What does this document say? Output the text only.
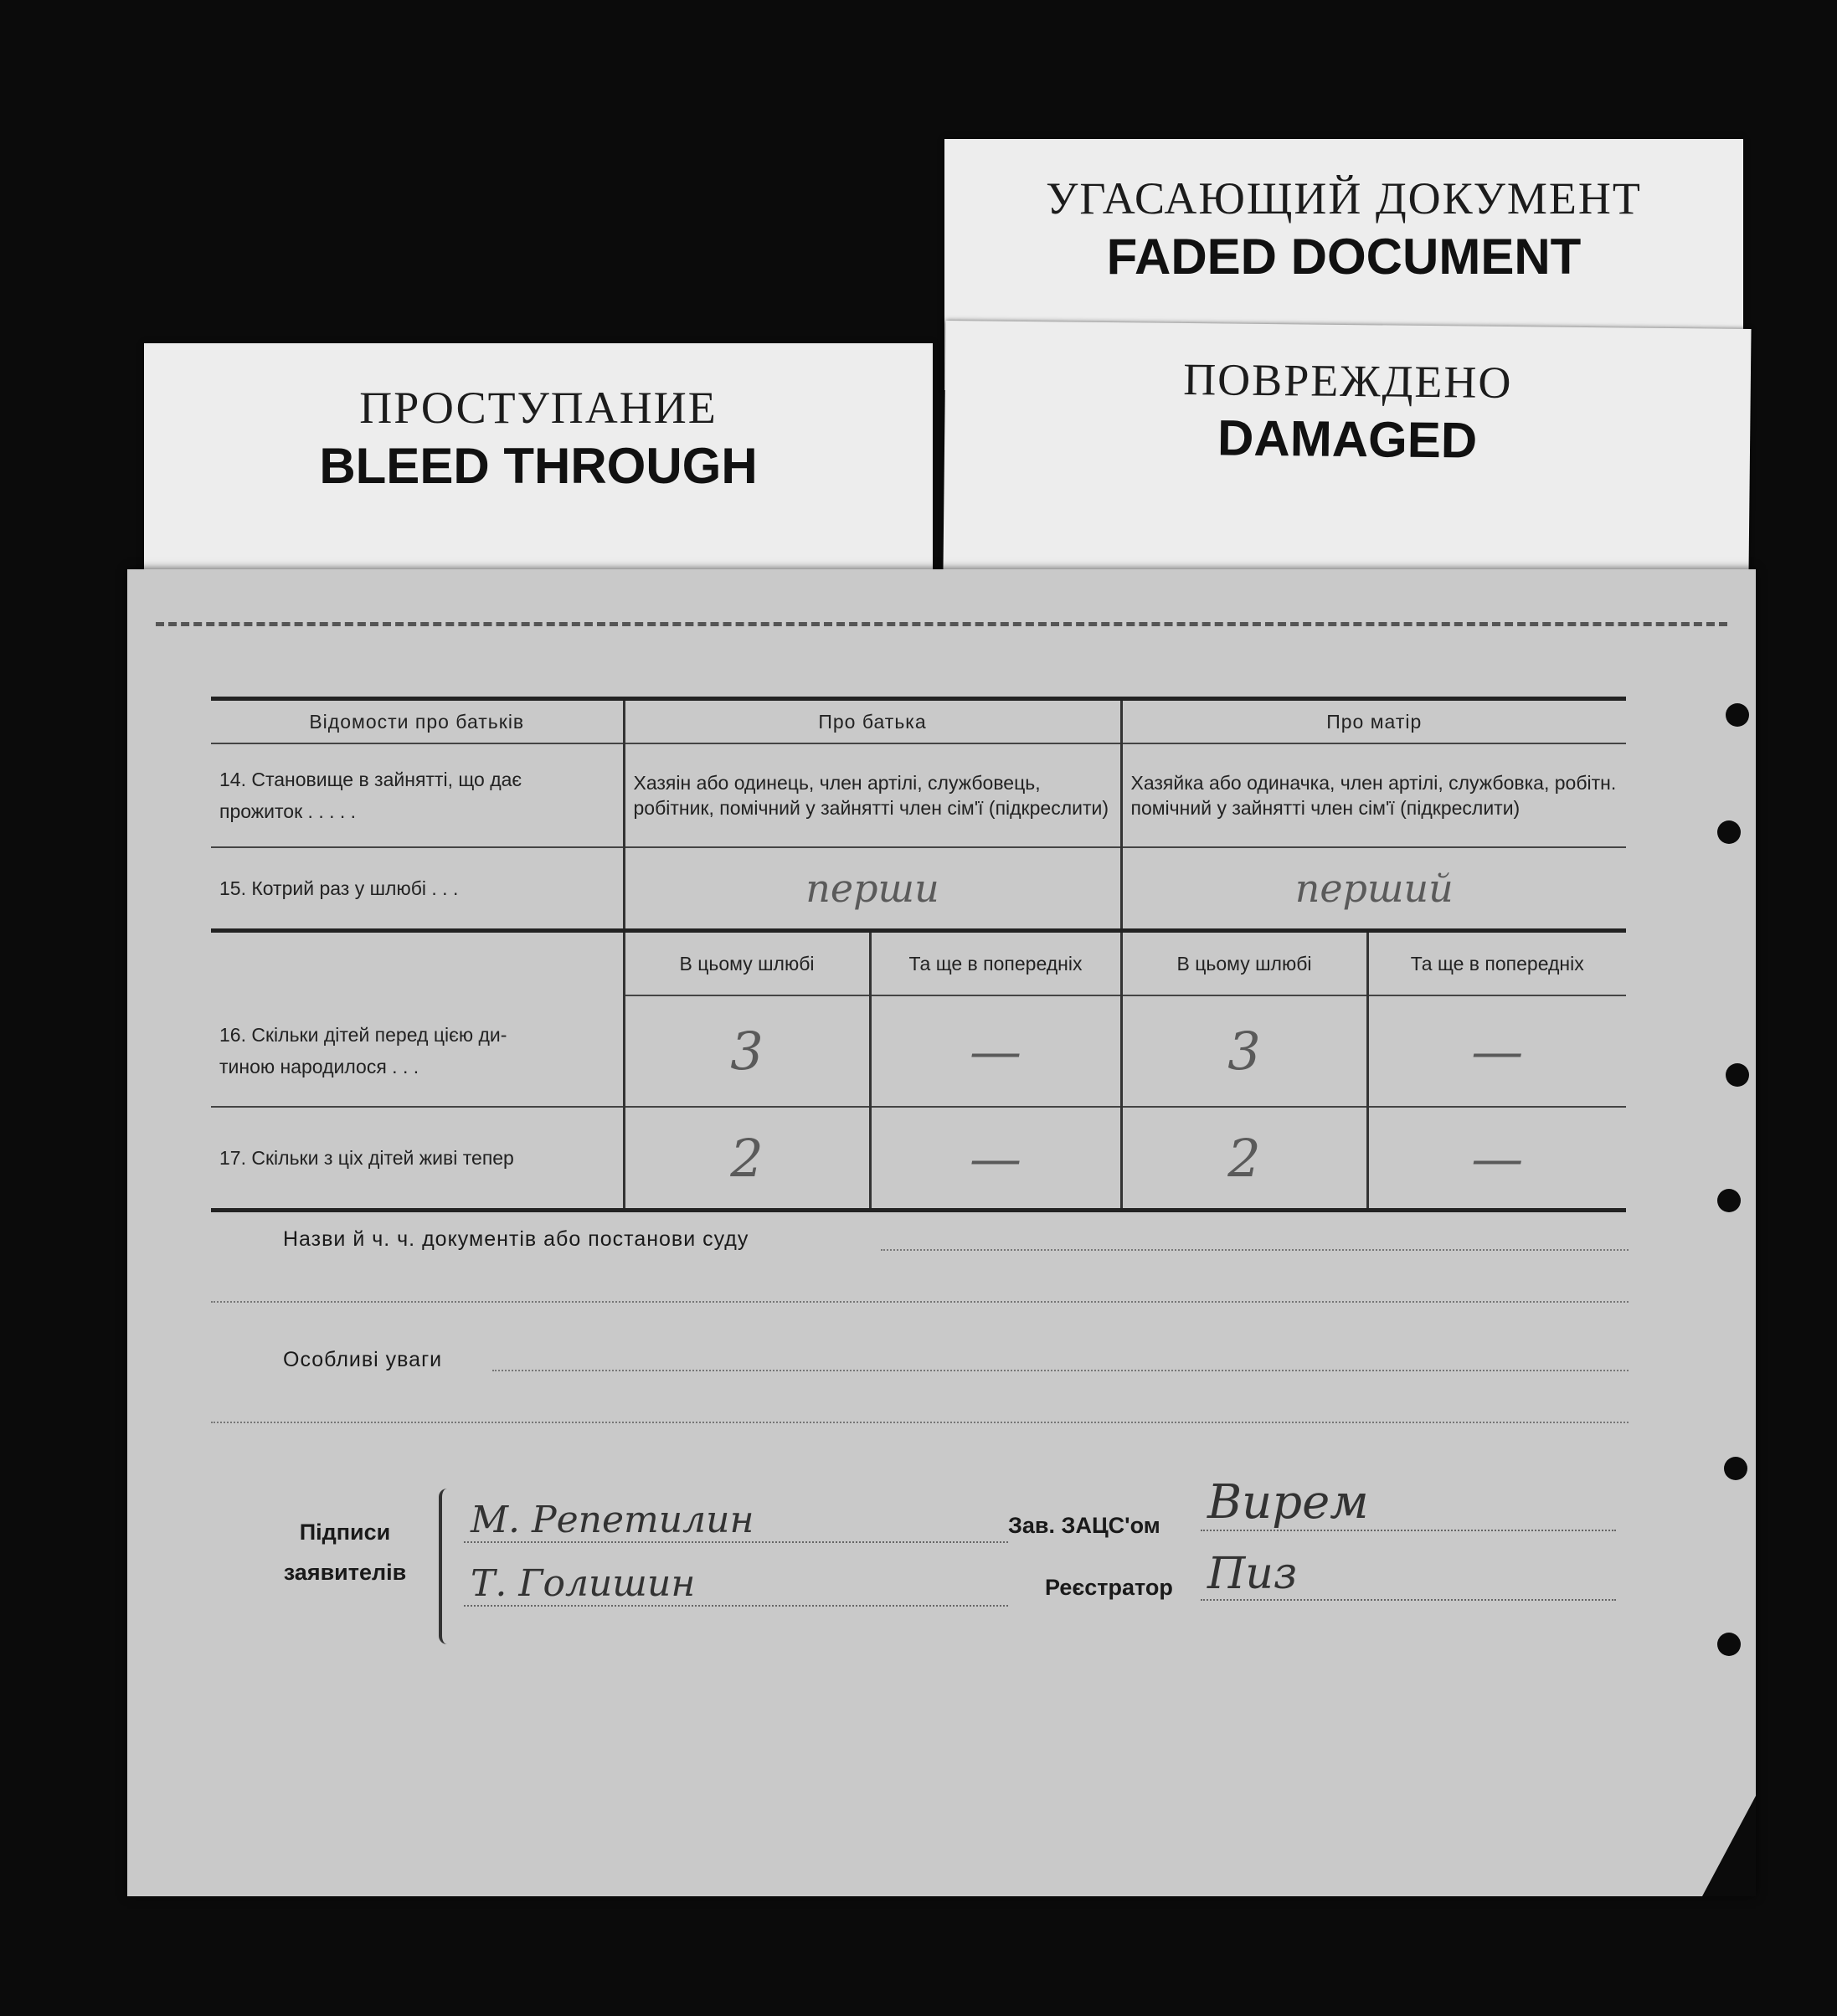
УГАСАЮЩИЙ ДОКУМЕНТ
FADED DOCUMENT
ПОВРЕЖДЕНО
DAMAGED
ПРОСТУПАНИЕ
BLEED THROUGH
Відомости про батьків	Про батька		Про матір	

14. Становище в зайнятті, що дає
прожиток . . . . .	Хазяін або одинець, член артілі, службовець, робітник, помічний у зайнятті член сім'ї (підкреслити)		Хазяйка або одиначка, член артілі, службовка, робітн. помічний у зайнятті член сім'ї (підкреслити)	
15. Котрий раз у шлюбі . . .	перши		перший	
	В цьому шлюбі	Та ще в попередніх	В цьому шлюбі	Та ще в попередніх

16. Скільки дітей перед цією ди-
тиною народилося . . .	3	—	3	—
17. Скільки з ціх дітей живі тепер	2	—	2	—
Назви й ч. ч. документів або постанови суду
Особливі уваги
Підписи
заявителів
М. Репетилин
Т. Голишин
Зав. ЗАЦС'ом Вирем
Реєстратор Пиз
